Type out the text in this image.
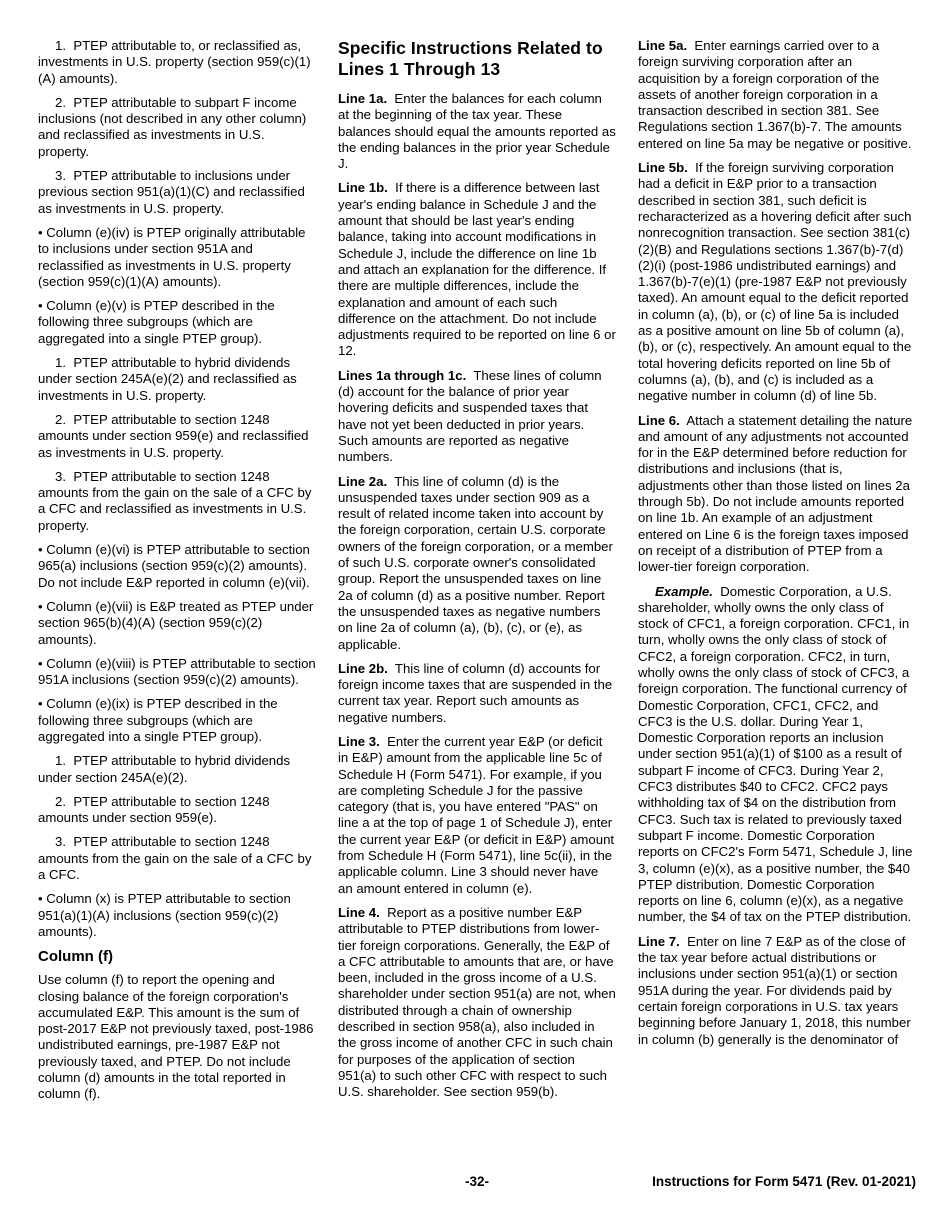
1.  PTEP attributable to, or reclassified as, investments in U.S. property (section 959(c)(1)(A) amounts).

2.  PTEP attributable to subpart F income inclusions (not described in any other column) and reclassified as investments in U.S. property.

3.  PTEP attributable to inclusions under previous section 951(a)(1)(C) and reclassified as investments in U.S. property.

• Column (e)(iv) is PTEP originally attributable to inclusions under section 951A and reclassified as investments in U.S. property (section 959(c)(1)(A) amounts).

• Column (e)(v) is PTEP described in the following three subgroups (which are aggregated into a single PTEP group).

1.  PTEP attributable to hybrid dividends under section 245A(e)(2) and reclassified as investments in U.S. property.

2.  PTEP attributable to section 1248 amounts under section 959(e) and reclassified as investments in U.S. property.

3.  PTEP attributable to section 1248 amounts from the gain on the sale of a CFC by a CFC and reclassified as investments in U.S. property.

• Column (e)(vi) is PTEP attributable to section 965(a) inclusions (section 959(c)(2) amounts). Do not include E&P reported in column (e)(vii).

• Column (e)(vii) is E&P treated as PTEP under section 965(b)(4)(A) (section 959(c)(2) amounts).

• Column (e)(viii) is PTEP attributable to section 951A inclusions (section 959(c)(2) amounts).

• Column (e)(ix) is PTEP described in the following three subgroups (which are aggregated into a single PTEP group).

1.  PTEP attributable to hybrid dividends under section 245A(e)(2).

2.  PTEP attributable to section 1248 amounts under section 959(e).

3.  PTEP attributable to section 1248 amounts from the gain on the sale of a CFC by a CFC.

• Column (x) is PTEP attributable to section 951(a)(1)(A) inclusions (section 959(c)(2) amounts).

Column (f)

Use column (f) to report the opening and closing balance of the foreign corporation's accumulated E&P. This amount is the sum of post-2017 E&P not previously taxed, post-1986 undistributed earnings, pre-1987 E&P not previously taxed, and PTEP. Do not include column (d) amounts in the total reported in column (f).

Specific Instructions Related to Lines 1 Through 13

Line 1a.  Enter the balances for each column at the beginning of the tax year. These balances should equal the amounts reported as the ending balances in the prior year Schedule J.

Line 1b.  If there is a difference between last year's ending balance in Schedule J and the amount that should be last year's ending balance, taking into account modifications in Schedule J, include the difference on line 1b and attach an explanation for the difference. If there are multiple differences, include the explanation and amount of each such difference on the attachment. Do not include adjustments required to be reported on line 6 or 12.

Lines 1a through 1c.  These lines of column (d) account for the balance of prior year hovering deficits and suspended taxes that have not yet been deducted in prior years. Such amounts are reported as negative numbers.

Line 2a.  This line of column (d) is the unsuspended taxes under section 909 as a result of related income taken into account by the foreign corporation, certain U.S. corporate owners of the foreign corporation, or a member of such U.S. corporate owner's consolidated group. Report the unsuspended taxes on line 2a of column (d) as a positive number. Report the unsuspended taxes as negative numbers on line 2a of column (a), (b), (c), or (e), as applicable.

Line 2b.  This line of column (d) accounts for foreign income taxes that are suspended in the current tax year. Report such amounts as negative numbers.

Line 3.  Enter the current year E&P (or deficit in E&P) amount from the applicable line 5c of Schedule H (Form 5471). For example, if you are completing Schedule J for the passive category (that is, you have entered "PAS" on line a at the top of page 1 of Schedule J), enter the current year E&P (or deficit in E&P) amount from Schedule H (Form 5471), line 5c(ii), in the applicable column. Line 3 should never have an amount entered in column (e).

Line 4.  Report as a positive number E&P attributable to PTEP distributions from lower-tier foreign corporations. Generally, the E&P of a CFC attributable to amounts that are, or have been, included in the gross income of a U.S. shareholder under section 951(a) are not, when distributed through a chain of ownership described in section 958(a), also included in the gross income of another CFC in such chain for purposes of the application of section 951(a) to such other CFC with respect to such U.S. shareholder. See section 959(b).

Line 5a.  Enter earnings carried over to a foreign surviving corporation after an acquisition by a foreign corporation of the assets of another foreign corporation in a transaction described in section 381. See Regulations section 1.367(b)-7. The amounts entered on line 5a may be negative or positive.

Line 5b.  If the foreign surviving corporation had a deficit in E&P prior to a transaction described in section 381, such deficit is recharacterized as a hovering deficit after such nonrecognition transaction. See section 381(c)(2)(B) and Regulations sections 1.367(b)-7(d)(2)(i) (post-1986 undistributed earnings) and 1.367(b)-7(e)(1) (pre-1987 E&P not previously taxed). An amount equal to the deficit reported in column (a), (b), or (c) of line 5a is included as a positive amount on line 5b of column (a), (b), or (c), respectively. An amount equal to the total hovering deficits reported on line 5b of columns (a), (b), and (c) is included as a negative number in column (d) of line 5b.

Line 6.  Attach a statement detailing the nature and amount of any adjustments not accounted for in the E&P determined before reduction for distributions and inclusions (that is, adjustments other than those listed on lines 2a through 5b). Do not include amounts reported on line 1b. An example of an adjustment entered on Line 6 is the foreign taxes imposed on receipt of a distribution of PTEP from a lower-tier foreign corporation.

Example.  Domestic Corporation, a U.S. shareholder, wholly owns the only class of stock of CFC1, a foreign corporation. CFC1, in turn, wholly owns the only class of stock of CFC2, a foreign corporation. CFC2, in turn, wholly owns the only class of stock of CFC3, a foreign corporation. The functional currency of Domestic Corporation, CFC1, CFC2, and CFC3 is the U.S. dollar. During Year 1, Domestic Corporation reports an inclusion under section 951(a)(1) of $100 as a result of subpart F income of CFC3. During Year 2, CFC3 distributes $40 to CFC2. CFC2 pays withholding tax of $4 on the distribution from CFC3. Such tax is related to previously taxed subpart F income. Domestic Corporation reports on CFC2's Form 5471, Schedule J, line 3, column (e)(x), as a positive number, the $40 PTEP distribution. Domestic Corporation reports on line 6, column (e)(x), as a negative number, the $4 of tax on the PTEP distribution.

Line 7.  Enter on line 7 E&P as of the close of the tax year before actual distributions or inclusions under section 951(a)(1) or section 951A during the year. For dividends paid by certain foreign corporations in U.S. tax years beginning before January 1, 2018, this number in column (b) generally is the denominator of

-32-	Instructions for Form 5471 (Rev. 01-2021)
